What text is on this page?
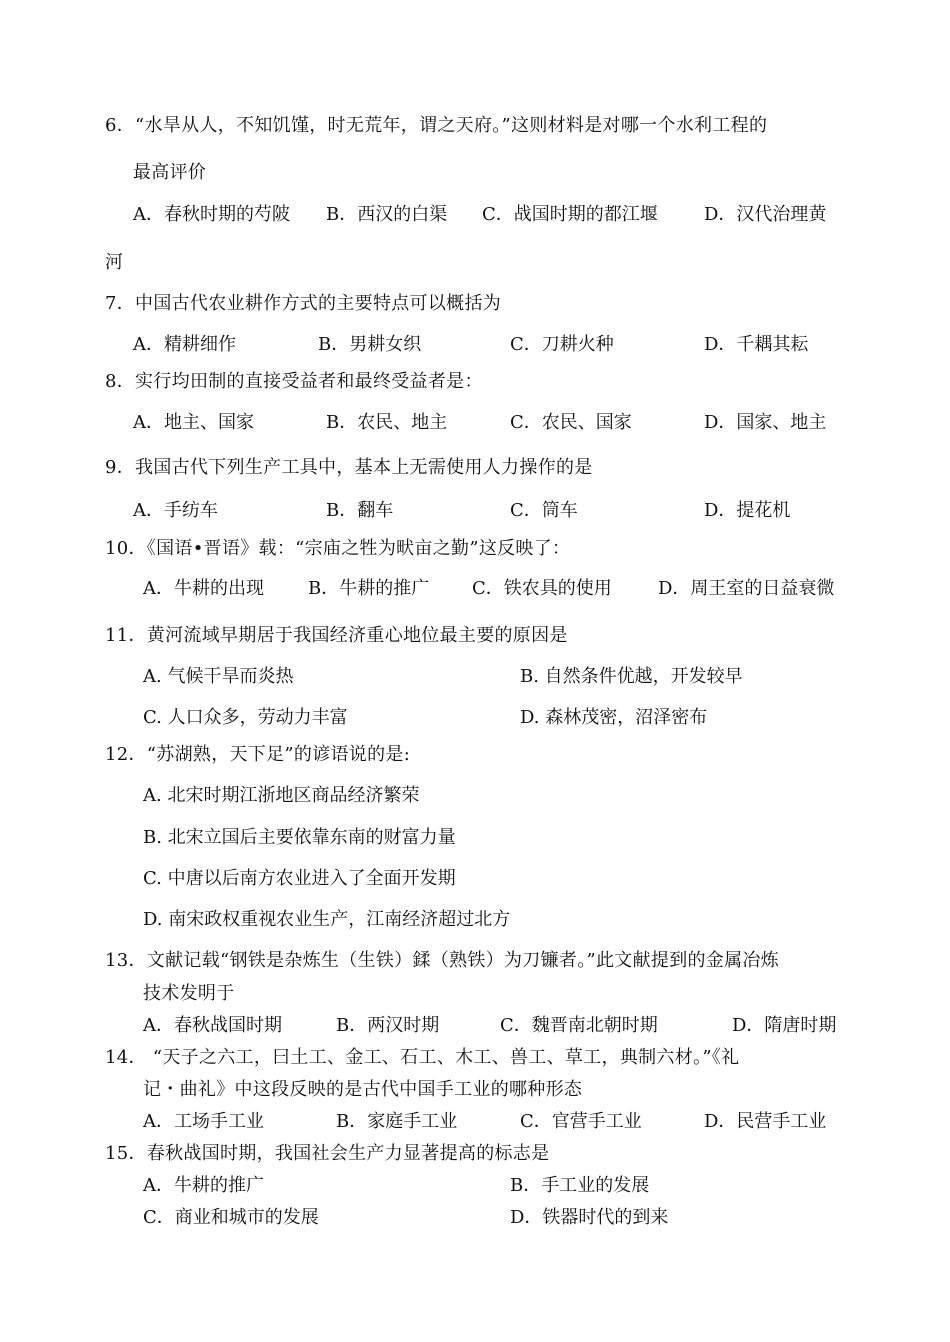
6．“水旱从人，不知饥馑，时无荒年，谓之天府。”这则材料是对哪一个水利工程的
最高评价
A．春秋时期的芍陂 B．西汉的白渠 C．战国时期的都江堰	D．汉代治理黄
河
7．中国古代农业耕作方式的主要特点可以概括为
A．精耕细作	B．男耕女织	C．刀耕火种	D．千耦其耘
8．实行均田制的直接受益者和最终受益者是：
A．地主、国家	B．农民、地主	C．农民、国家	D．国家、地主
9．我国古代下列生产工具中，基本上无需使用人力操作的是
A．手纺车	B．翻车	C．筒车	D．提花机
10．《国语•晋语》载：“宗庙之牲为畎亩之勤”这反映了：
A．牛耕的出现 B．牛耕的推广 C．铁农具的使用	D．周王室的日益衰微
11．黄河流域早期居于我国经济重心地位最主要的原因是
A. 气候干旱而炎热	B. 自然条件优越，开发较早
C. 人口众多，劳动力丰富	D. 森林茂密，沼泽密布
12．“苏湖熟，天下足”的谚语说的是:
A. 北宋时期江浙地区商品经济繁荣
B. 北宋立国后主要依靠东南的财富力量
C. 中唐以后南方农业进入了全面开发期
D. 南宋政权重视农业生产，江南经济超过北方
13．文献记载“钢铁是杂炼生（生铁）鍒（熟铁）为刀镰者。”此文献提到的金属冶炼
技术发明于
A．春秋战国时期	B．两汉时期	C．魏晋南北朝时期	D．隋唐时期
14． “天子之六工，曰土工、金工、石工、木工、兽工、草工，典制六材。”《礼
记・曲礼》中这段反映的是古代中国手工业的哪种形态
A．工场手工业	B．家庭手工业	C．官营手工业	D．民营手工业
15．春秋战国时期，我国社会生产力显著提高的标志是
A．牛耕的推广	B．手工业的发展
C．商业和城市的发展	D．铁器时代的到来
